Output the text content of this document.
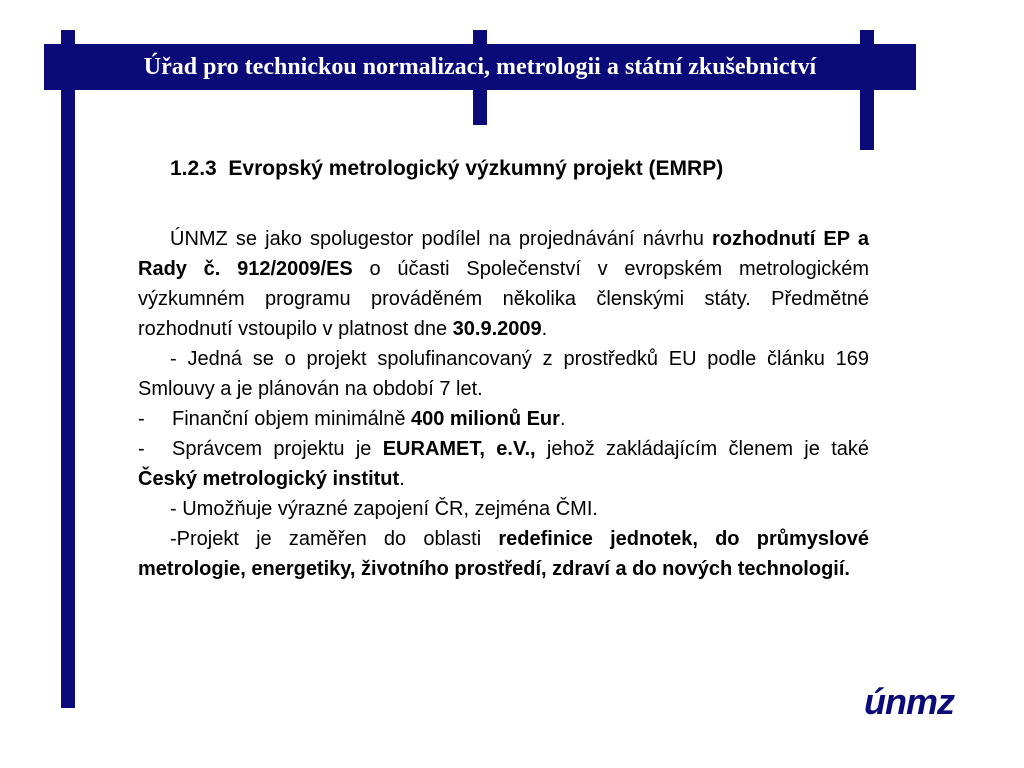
Úřad pro technickou normalizaci, metrologii a státní zkušebnictví
1.2.3 Evropský metrologický výzkumný projekt (EMRP)

ÚNMZ se jako spolugestor podílel na projednávání návrhu rozhodnutí EP a Rady č. 912/2009/ES o účasti Společenství v evropském metrologickém výzkumném programu prováděném několika členskými státy. Předmětné rozhodnutí vstoupilo v platnost dne 30.9.2009.

- Jedná se o projekt spolufinancovaný z prostředků EU podle článku 169 Smlouvy a je plánován na období 7 let.

- Finanční objem minimálně 400 milionů Eur.

- Správcem projektu je EURAMET, e.V., jehož zakládajícím členem je také Český metrologický institut.

- Umožňuje výrazné zapojení ČR, zejména ČMI.

-Projekt je zaměřen do oblasti redefinice jednotek, do průmyslové metrologie, energetiky, životního prostředí, zdraví a do nových technologií.

únmz
